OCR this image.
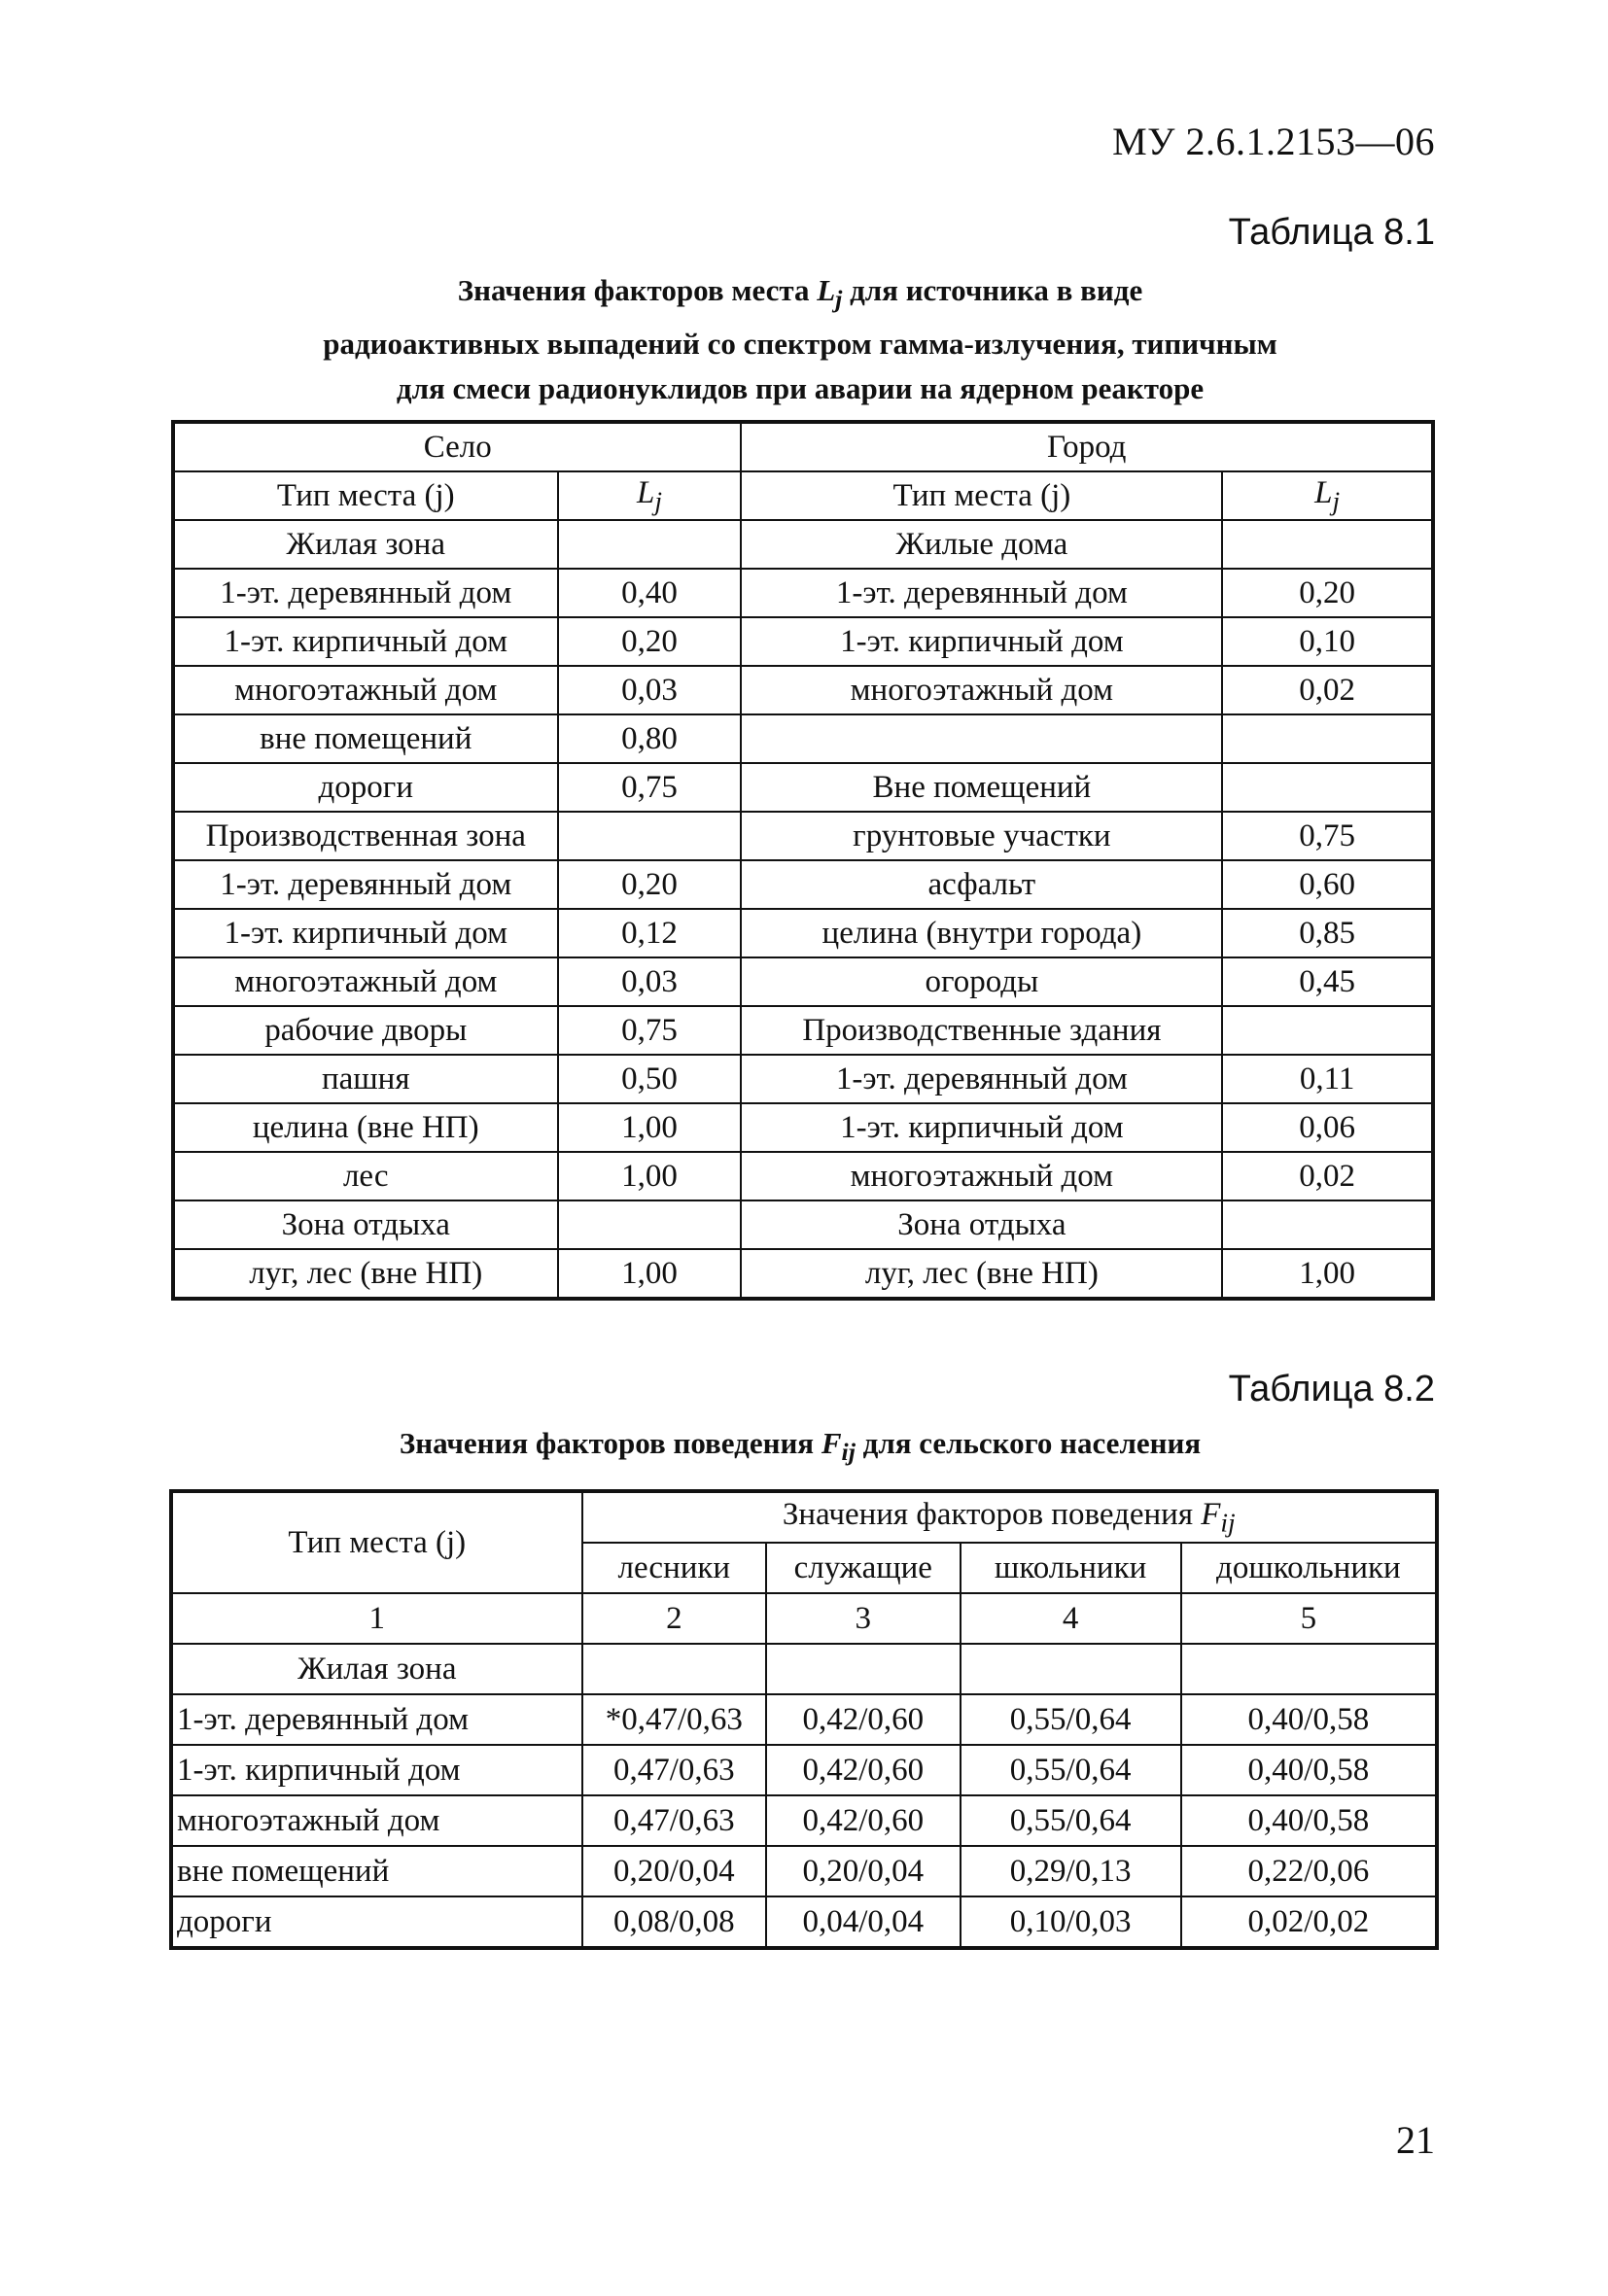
МУ 2.6.1.2153—06
Таблица 8.1
Значения факторов места $L_j$ для источника в виде
радиоактивных выпадений со спектром гамма-излучения, типичным
для смеси радионуклидов при аварии на ядерном реакторе
Село		Город	
Тип места (j)	$L_j$	Тип места (j)	$L_j$
Жилая зона		Жилые дома	
1-эт. деревянный дом	0,40	1-эт. деревянный дом	0,20
1-эт. кирпичный дом	0,20	1-эт. кирпичный дом	0,10
многоэтажный дом	0,03	многоэтажный дом	0,02
вне помещений	0,80		
дороги	0,75	Вне помещений	
Производственная зона		грунтовые участки	0,75
1-эт. деревянный дом	0,20	асфальт	0,60
1-эт. кирпичный дом	0,12	целина (внутри города)	0,85
многоэтажный дом	0,03	огороды	0,45
рабочие дворы	0,75	Производственные здания	
пашня	0,50	1-эт. деревянный дом	0,11
целина (вне НП)	1,00	1-эт. кирпичный дом	0,06
лес	1,00	многоэтажный дом	0,02
Зона отдыха		Зона отдыха	
луг, лес (вне НП)	1,00	луг, лес (вне НП)	1,00
Таблица 8.2
Значения факторов поведения $F_{ij}$ для сельского населения
Тип места (j)	Значения факторов поведения $F_{ij}$
	лесники	служащие	школьники	дошкольники
1	2	3	4	5
Жилая зона				
1-эт. деревянный дом	*0,47/0,63	0,42/0,60	0,55/0,64	0,40/0,58
1-эт. кирпичный дом	0,47/0,63	0,42/0,60	0,55/0,64	0,40/0,58
многоэтажный дом	0,47/0,63	0,42/0,60	0,55/0,64	0,40/0,58
вне помещений	0,20/0,04	0,20/0,04	0,29/0,13	0,22/0,06
дороги	0,08/0,08	0,04/0,04	0,10/0,03	0,02/0,02
21
